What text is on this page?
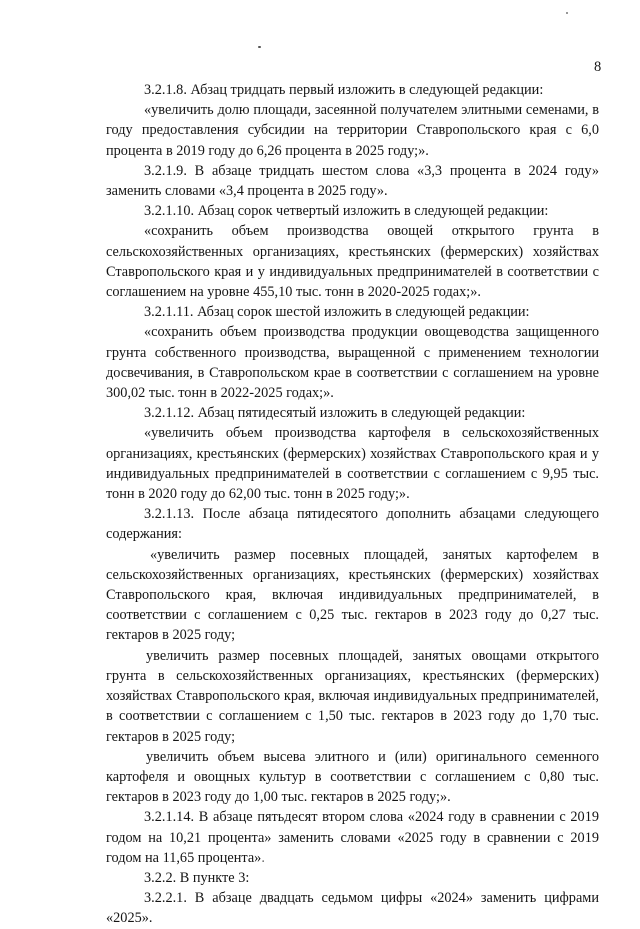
8

3.2.1.8. Абзац тридцать первый изложить в следующей редакции:

«увеличить долю площади, засеянной получателем элитными семенами, в году предоставления субсидии на территории Ставропольского края с 6,0 процента в 2019 году до 6,26 процента в 2025 году;».

3.2.1.9. В абзаце тридцать шестом слова «3,3 процента в 2024 году» заменить словами «3,4 процента в 2025 году».

3.2.1.10. Абзац сорок четвертый изложить в следующей редакции:

«сохранить объем производства овощей открытого грунта в сельскохозяйственных организациях, крестьянских (фермерских) хозяйствах Ставропольского края и у индивидуальных предпринимателей в соответствии с соглашением на уровне 455,10 тыс. тонн в 2020-2025 годах;».

3.2.1.11. Абзац сорок шестой изложить в следующей редакции:

«сохранить объем производства продукции овощеводства защищенного грунта собственного производства, выращенной с применением технологии досвечивания, в Ставропольском крае в соответствии с соглашением на уровне 300,02 тыс. тонн в 2022-2025 годах;».

3.2.1.12. Абзац пятидесятый изложить в следующей редакции:

«увеличить объем производства картофеля в сельскохозяйственных организациях, крестьянских (фермерских) хозяйствах Ставропольского края и у индивидуальных предпринимателей в соответствии с соглашением с 9,95 тыс. тонн в 2020 году до 62,00 тыс. тонн в 2025 году;».

3.2.1.13. После абзаца пятидесятого дополнить абзацами следующего содержания:

«увеличить размер посевных площадей, занятых картофелем в сельскохозяйственных организациях, крестьянских (фермерских) хозяйствах Ставропольского края, включая индивидуальных предпринимателей, в соответствии с соглашением с 0,25 тыс. гектаров в 2023 году до 0,27 тыс. гектаров в 2025 году;

увеличить размер посевных площадей, занятых овощами открытого грунта в сельскохозяйственных организациях, крестьянских (фермерских) хозяйствах Ставропольского края, включая индивидуальных предпринимателей, в соответствии с соглашением с 1,50 тыс. гектаров в 2023 году до 1,70 тыс. гектаров в 2025 году;

увеличить объем высева элитного и (или) оригинального семенного картофеля и овощных культур в соответствии с соглашением с 0,80 тыс. гектаров в 2023 году до 1,00 тыс. гектаров в 2025 году;».

3.2.1.14. В абзаце пятьдесят втором слова «2024 году в сравнении с 2019 годом на 10,21 процента» заменить словами «2025 году в сравнении с 2019 годом на 11,65 процента».

3.2.2. В пункте 3:

3.2.2.1. В абзаце двадцать седьмом цифры «2024» заменить цифрами «2025».
